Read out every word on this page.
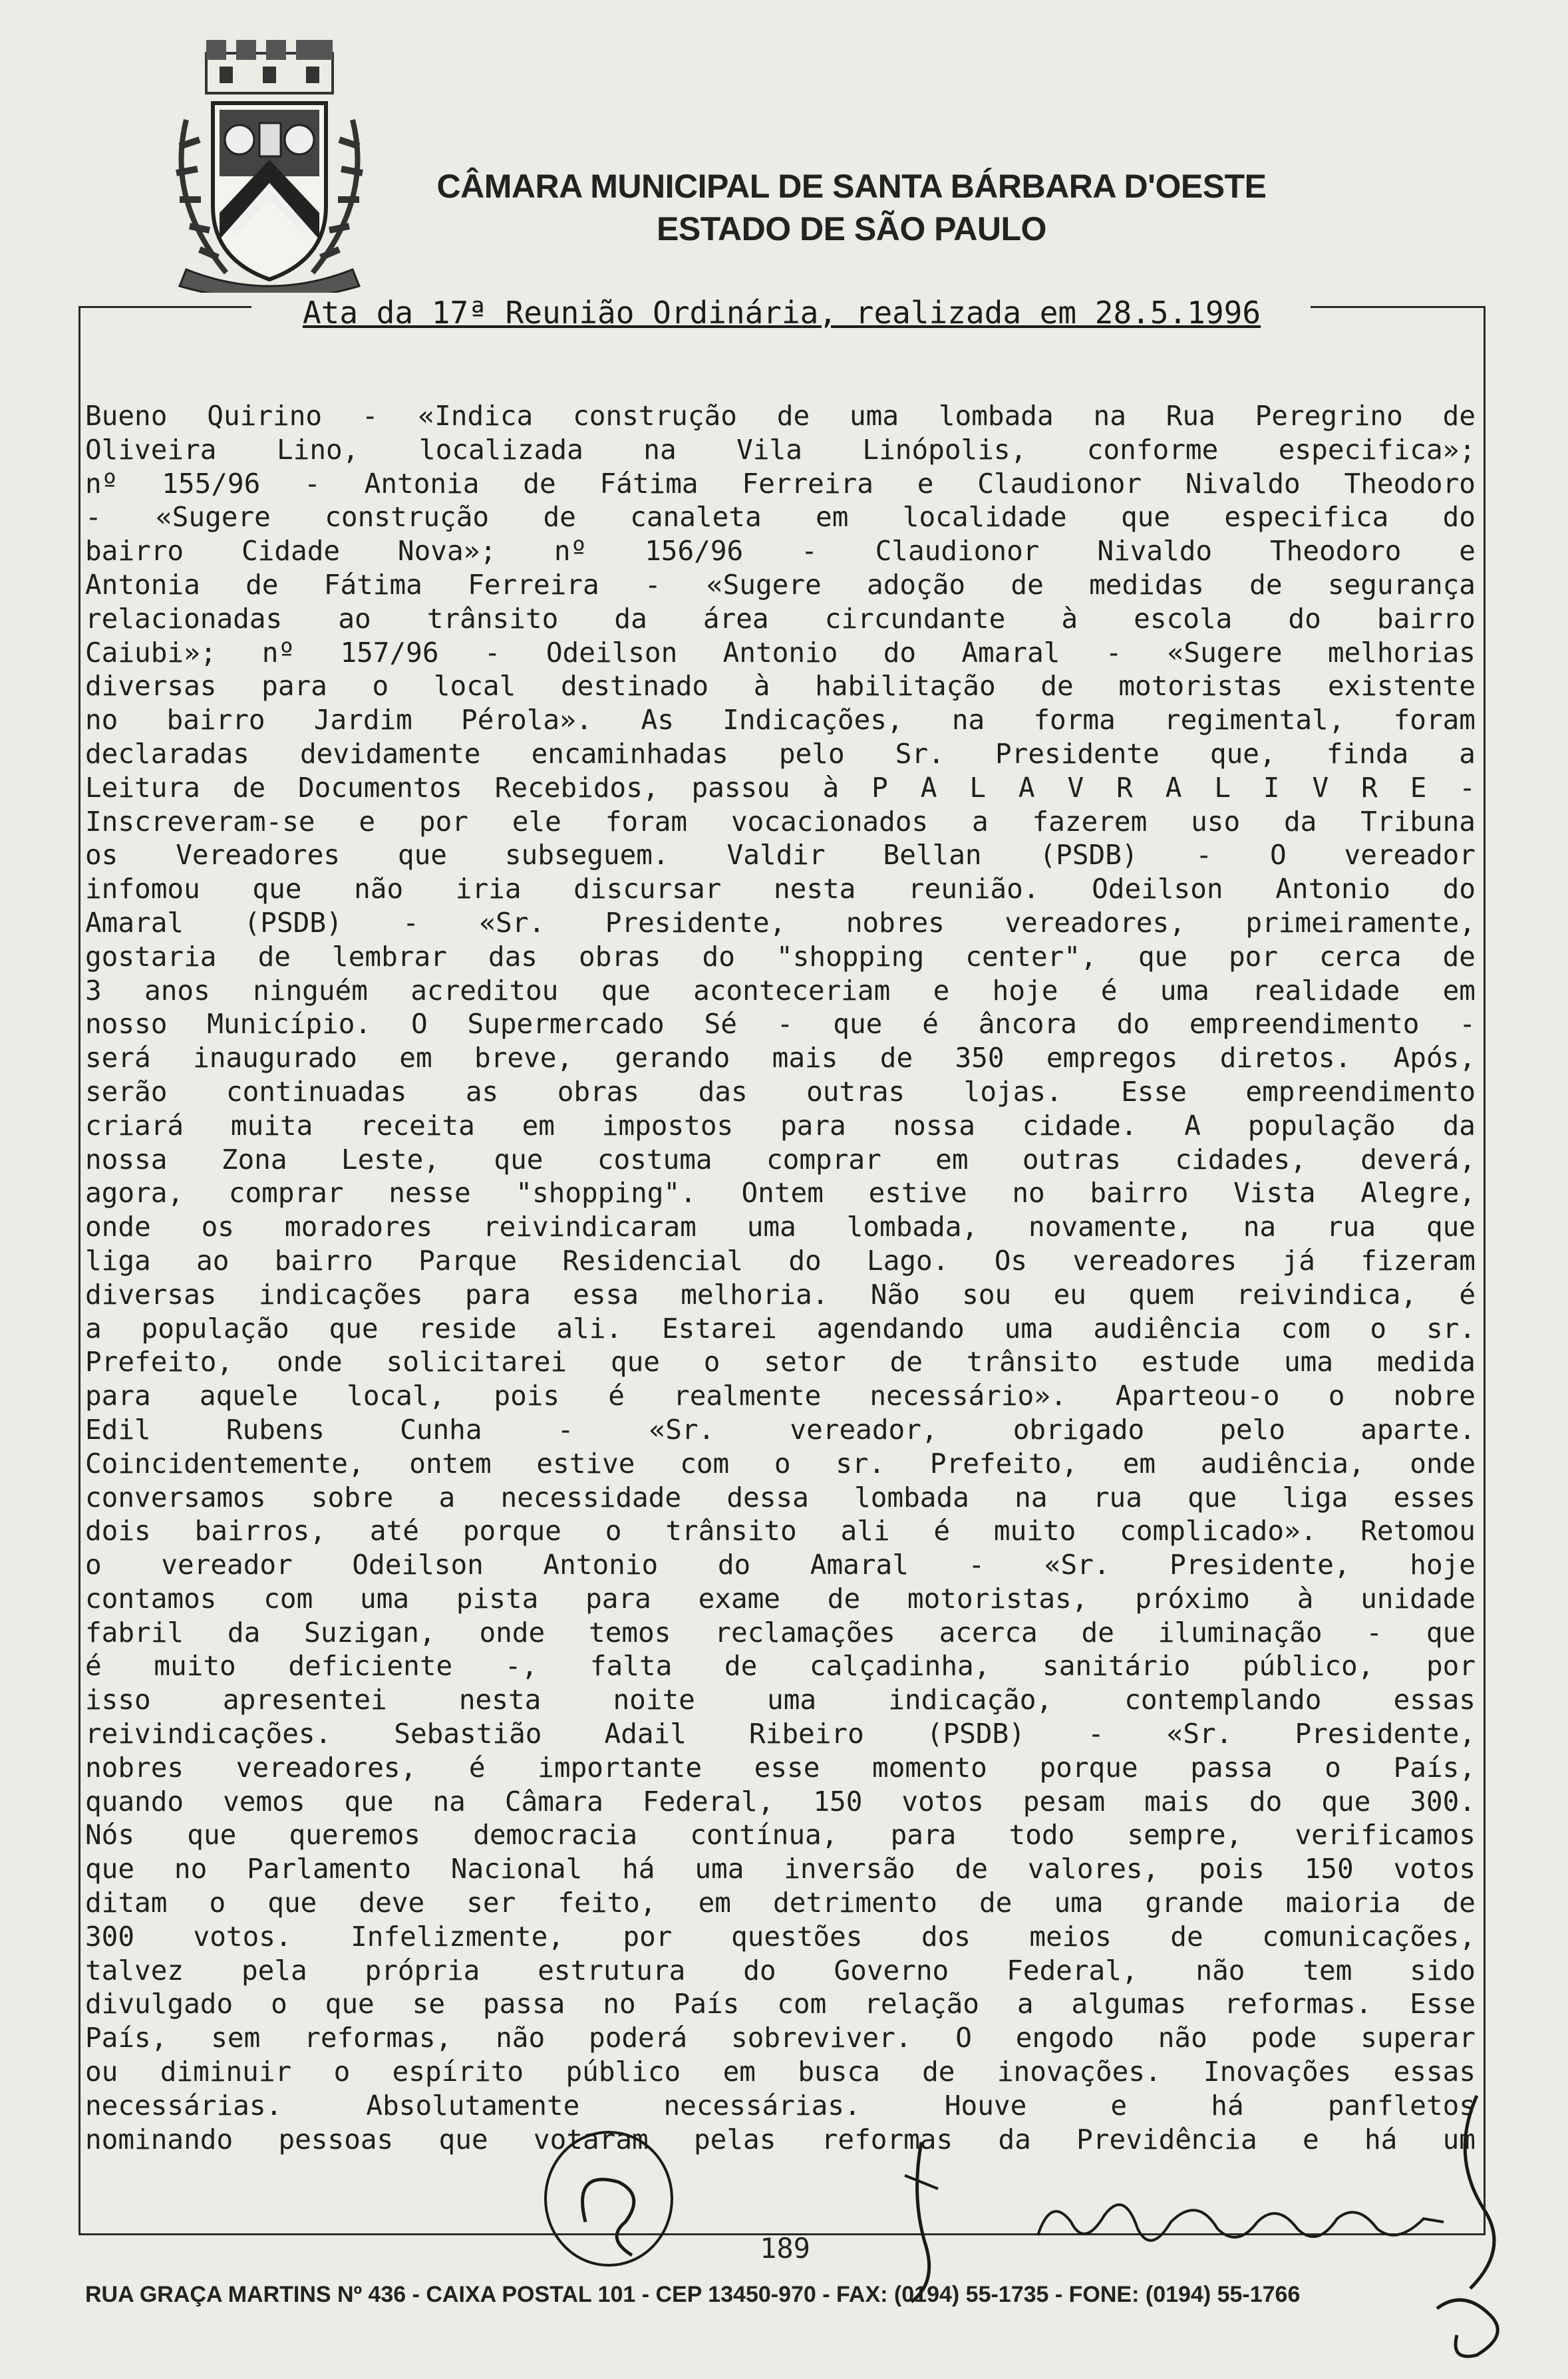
CÂMARA MUNICIPAL DE SANTA BÁRBARA D'OESTE
ESTADO DE SÃO PAULO
Ata da 17ª Reunião Ordinária, realizada em 28.5.1996
Bueno Quirino - «Indica construção de uma lombada na Rua Peregrino de
Oliveira Lino, localizada na Vila Linópolis, conforme especifica»;
nº 155/96 - Antonia de Fátima Ferreira e Claudionor Nivaldo Theodoro
- «Sugere construção de canaleta em localidade que especifica do
bairro Cidade Nova»; nº 156/96 - Claudionor Nivaldo Theodoro e
Antonia de Fátima Ferreira - «Sugere adoção de medidas de segurança
relacionadas ao trânsito da área circundante à escola do bairro
Caiubi»; nº 157/96 - Odeilson Antonio do Amaral - «Sugere melhorias
diversas para o local destinado à habilitação de motoristas existente
no bairro Jardim Pérola». As Indicações, na forma regimental, foram
declaradas devidamente encaminhadas pelo Sr. Presidente que, finda a
Leitura de Documentos Recebidos, passou à P A L A V R A L I V R E -
Inscreveram-se e por ele foram vocacionados a fazerem uso da Tribuna
os Vereadores que subseguem. Valdir Bellan (PSDB) - O vereador
infomou que não iria discursar nesta reunião. Odeilson Antonio do
Amaral (PSDB) - «Sr. Presidente, nobres vereadores, primeiramente,
gostaria de lembrar das obras do "shopping center", que por cerca de
3 anos ninguém acreditou que aconteceriam e hoje é uma realidade em
nosso Município. O Supermercado Sé - que é âncora do empreendimento -
será inaugurado em breve, gerando mais de 350 empregos diretos. Após,
serão continuadas as obras das outras lojas. Esse empreendimento
criará muita receita em impostos para nossa cidade. A população da
nossa Zona Leste, que costuma comprar em outras cidades, deverá,
agora, comprar nesse "shopping". Ontem estive no bairro Vista Alegre,
onde os moradores reivindicaram uma lombada, novamente, na rua que
liga ao bairro Parque Residencial do Lago. Os vereadores já fizeram
diversas indicações para essa melhoria. Não sou eu quem reivindica, é
a população que reside ali. Estarei agendando uma audiência com o sr.
Prefeito, onde solicitarei que o setor de trânsito estude uma medida
para aquele local, pois é realmente necessário». Aparteou-o o nobre
Edil Rubens Cunha - «Sr. vereador, obrigado pelo aparte.
Coincidentemente, ontem estive com o sr. Prefeito, em audiência, onde
conversamos sobre a necessidade dessa lombada na rua que liga esses
dois bairros, até porque o trânsito ali é muito complicado». Retomou
o vereador Odeilson Antonio do Amaral - «Sr. Presidente, hoje
contamos com uma pista para exame de motoristas, próximo à unidade
fabril da Suzigan, onde temos reclamações acerca de iluminação - que
é muito deficiente -, falta de calçadinha, sanitário público, por
isso apresentei nesta noite uma indicação, contemplando essas
reivindicações. Sebastião Adail Ribeiro (PSDB) - «Sr. Presidente,
nobres vereadores, é importante esse momento porque passa o País,
quando vemos que na Câmara Federal, 150 votos pesam mais do que 300.
Nós que queremos democracia contínua, para todo sempre, verificamos
que no Parlamento Nacional há uma inversão de valores, pois 150 votos
ditam o que deve ser feito, em detrimento de uma grande maioria de
300 votos. Infelizmente, por questões dos meios de comunicações,
talvez pela própria estrutura do Governo Federal, não tem sido
divulgado o que se passa no País com relação a algumas reformas. Esse
País, sem reformas, não poderá sobreviver. O engodo não pode superar
ou diminuir o espírito público em busca de inovações. Inovações essas
necessárias. Absolutamente necessárias. Houve e há panfletos
nominando pessoas que votaram pelas reformas da Previdência e há um
189
RUA GRAÇA MARTINS Nº 436 - CAIXA POSTAL 101 - CEP 13450-970 - FAX: (0194) 55-1735 - FONE: (0194) 55-1766
